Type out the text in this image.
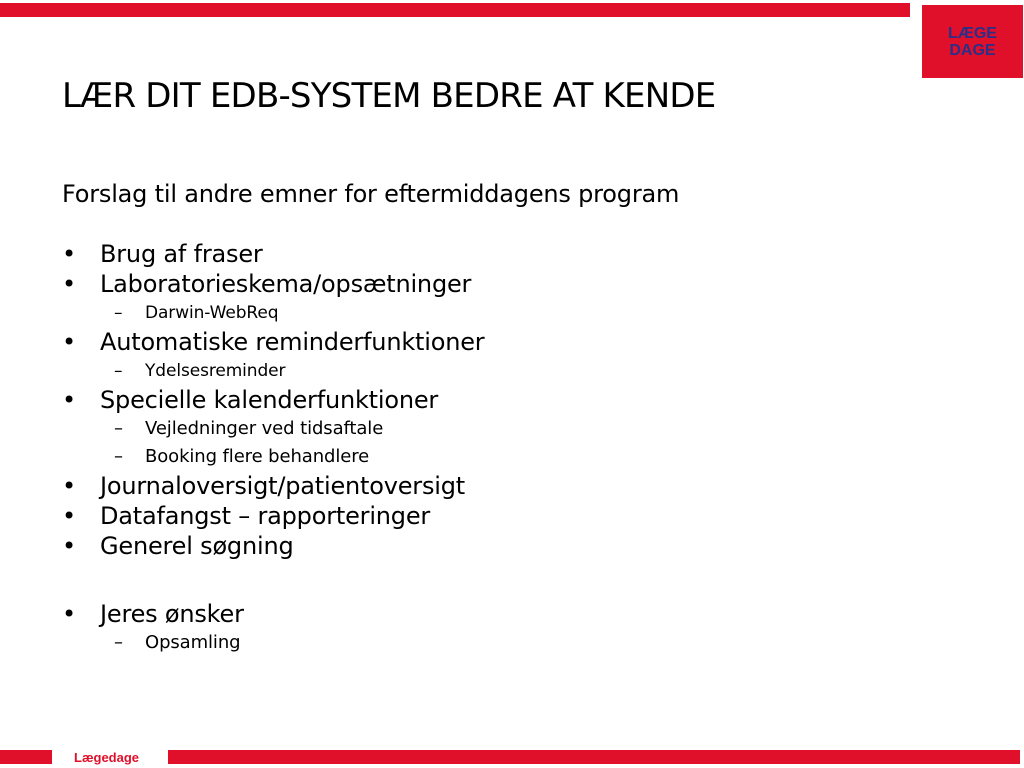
LÆGE
DAGE
LÆR DIT EDB-SYSTEM BEDRE AT KENDE
Forslag til andre emner for eftermiddagens program
•	Brug af fraser
•	Laboratorieskema/opsætninger
– Darwin-WebReq
•	Automatiske reminderfunktioner
– Ydelsesreminder
•	Specielle kalenderfunktioner
– Vejledninger ved tidsaftale
– Booking flere behandlere
•	Journaloversigt/patientoversigt
•	Datafangst – rapporteringer
•	Generel søgning
•	Jeres ønsker
– Opsamling
Lægedage
